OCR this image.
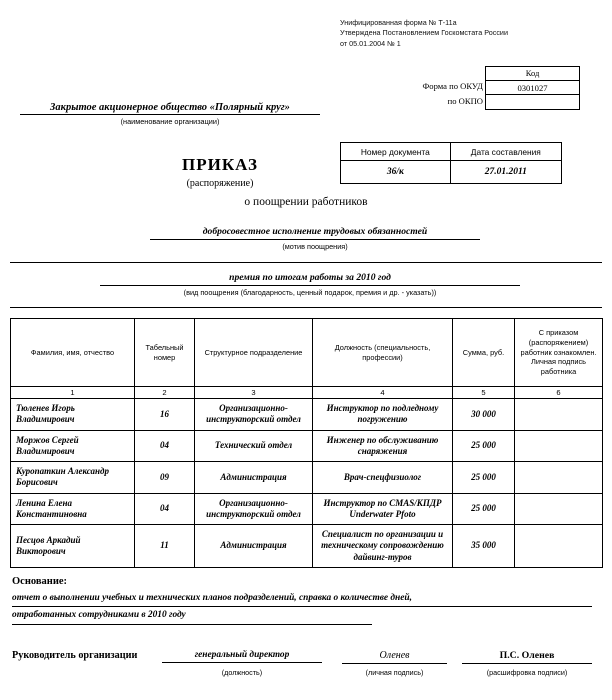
Унифицированная форма № Т-11а
Утверждена Постановлением Госкомстата России
от 05.01.2004 № 1
Код
Форма по ОКУД	0301027
по ОКПО
Закрытое акционерное общество «Полярный круг»
(наименование организации)
Номер документа	Дата составления
36/к	27.01.2011
ПРИКАЗ
(распоряжение)
о поощрении работников
добросовестное исполнение трудовых обязанностей
(мотив поощрения)
премия по итогам работы за 2010 год
(вид поощрения (благодарность, ценный подарок, премия и др. - указать))
Фамилия, имя, отчество	Табельный номер	Структурное подразделение	Должность (специальность, профессии)	Сумма, руб.	С приказом (распоряжением) работник ознакомлен. Личная подпись работника
1	2	3	4	5	6
Тюленев Игорь Владимирович	16	Организационно-инструкторский отдел	Инструктор по подледному погружению	30 000	
Моржов Сергей Владимирович	04	Технический отдел	Инженер по обслуживанию снаряжения	25 000	
Куропаткин Александр Борисович	09	Администрация	Врач-спецфизиолог	25 000	
Ленина Елена Константиновна	04	Организационно-инструкторский отдел	Инструктор по CMAS/КПДР Underwater Pfoto	25 000	
Песцов Аркадий Викторович	11	Администрация	Специалист по организации и техническому сопровождению дайвинг-туров	35 000	
Основание:
отчет о выполнении учебных и технических планов подразделений, справка о количестве дней,
отработанных сотрудниками в 2010 году
Руководитель организации	генеральный директор	Оленев	П.С. Оленев
(должность)	(личная подпись)	(расшифровка подписи)
